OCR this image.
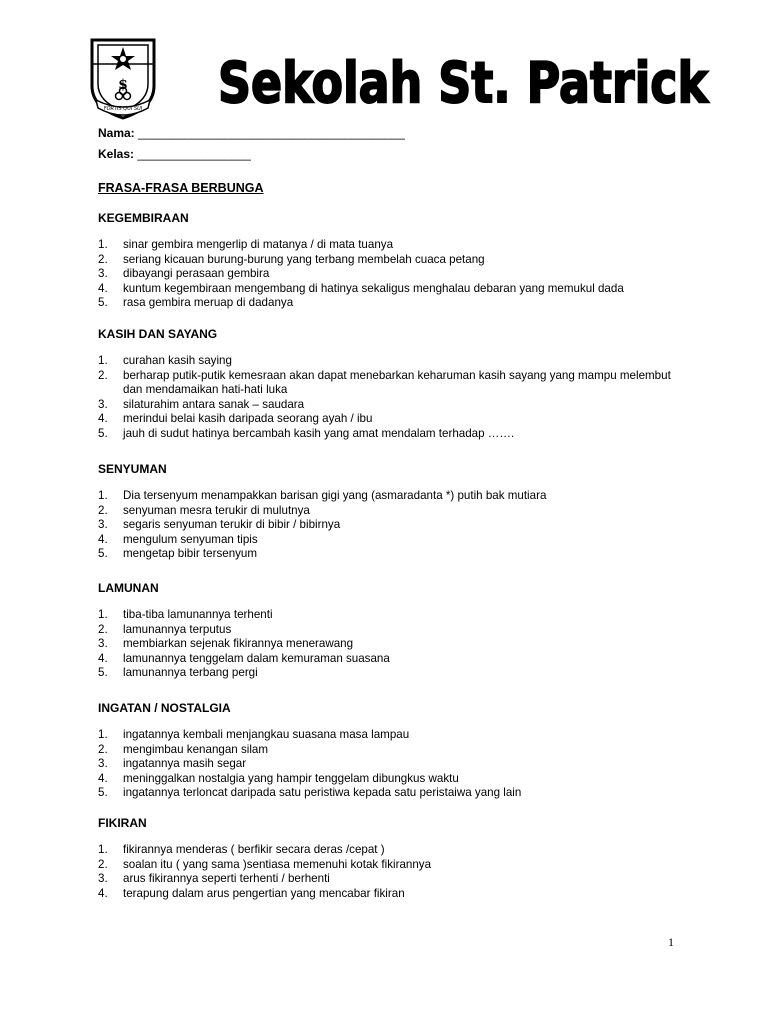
$
FORTIS QUI SUI Sekolah St. Patrick
Nama: ________________________________________
Kelas: _________________
FRASA-FRASA BERBUNGA
KEGEMBIRAAN
1.	sinar gembira mengerlip di matanya / di mata tuanya
2.	seriang kicauan burung-burung yang terbang membelah cuaca petang
3.	dibayangi perasaan gembira
4.	kuntum kegembiraan mengembang di hatinya sekaligus menghalau debaran yang memukul dada
5.	rasa gembira meruap di dadanya
KASIH DAN SAYANG
1.	curahan kasih saying
2.	berharap putik-putik kemesraan akan dapat menebarkan keharuman kasih sayang yang mampu melembut dan mendamaikan hati-hati luka
3.	silaturahim antara sanak – saudara
4.	merindui belai kasih daripada seorang ayah / ibu
5.	jauh di sudut hatinya bercambah kasih yang amat mendalam terhadap …….
SENYUMAN
1.	Dia tersenyum menampakkan barisan gigi yang (asmaradanta *) putih bak mutiara
2.	senyuman mesra terukir di mulutnya
3.	segaris senyuman terukir di bibir / bibirnya
4.	mengulum senyuman tipis
5.	mengetap bibir tersenyum
LAMUNAN
1.	tiba-tiba lamunannya terhenti
2.	lamunannya terputus
3.	membiarkan sejenak fikirannya menerawang
4.	lamunannya tenggelam dalam kemuraman suasana
5.	lamunannya terbang pergi
INGATAN / NOSTALGIA
1.	ingatannya kembali menjangkau suasana masa lampau
2.	mengimbau kenangan silam
3.	ingatannya masih segar
4.	meninggalkan nostalgia yang hampir tenggelam dibungkus waktu
5.	ingatannya terloncat daripada satu peristiwa kepada satu peristaiwa yang lain
FIKIRAN
1.	fikirannya menderas ( berfikir secara deras /cepat )
2.	soalan itu ( yang sama )sentiasa memenuhi kotak fikirannya
3.	arus fikirannya seperti terhenti / berhenti
4.	terapung dalam arus pengertian yang mencabar fikiran
1
